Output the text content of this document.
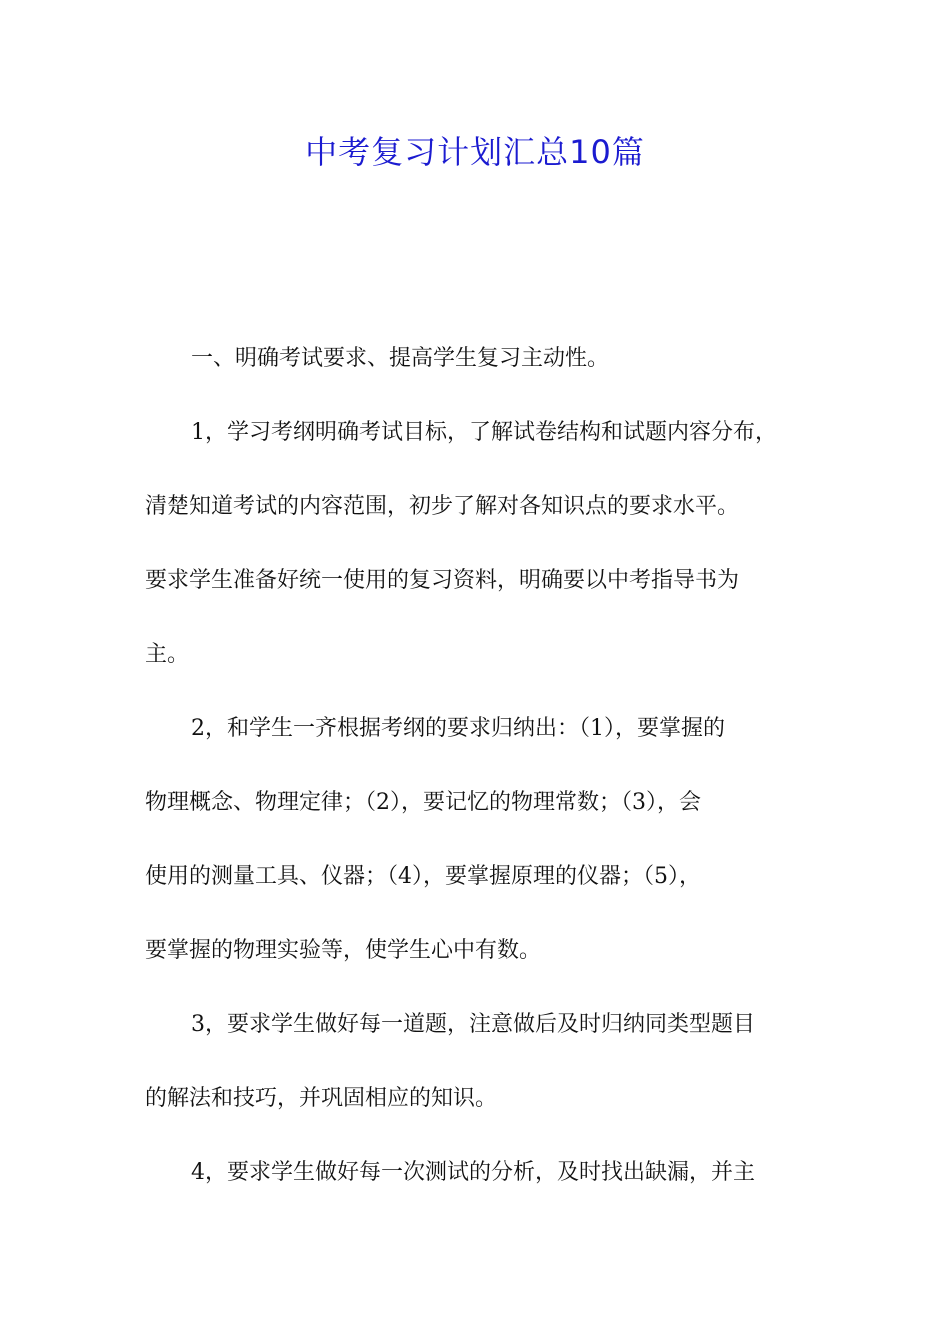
中考复习计划汇总10篇
一、明确考试要求、提高学生复习主动性。
1，学习考纲明确考试目标，了解试卷结构和试题内容分布，
清楚知道考试的内容范围，初步了解对各知识点的要求水平。
要求学生准备好统一使用的复习资料，明确要以中考指导书为
主。
2，和学生一齐根据考纲的要求归纳出：（1），要掌握的
物理概念、物理定律；（2），要记忆的物理常数；（3），会
使用的测量工具、仪器；（4），要掌握原理的仪器；（5），
要掌握的物理实验等，使学生心中有数。
3，要求学生做好每一道题，注意做后及时归纳同类型题目
的解法和技巧，并巩固相应的知识。
4，要求学生做好每一次测试的分析，及时找出缺漏，并主
